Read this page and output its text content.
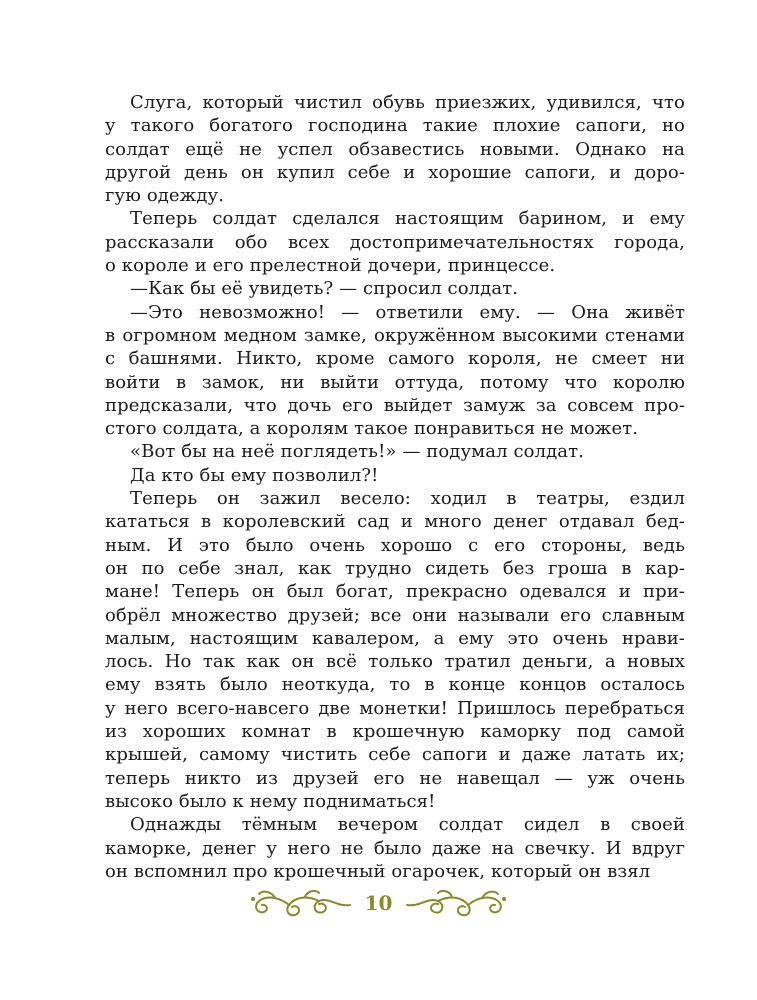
Слуга, который чистил обувь приезжих, удивился, что
у такого богатого господина такие плохие сапоги, но
солдат ещё не успел обзавестись новыми. Однако на
другой день он купил себе и хорошие сапоги, и доро-
гую одежду.
Теперь солдат сделался настоящим барином, и ему
рассказали обо всех достопримечательностях города,
о короле и его прелестной дочери, принцессе.
—Как бы её увидеть? — спросил солдат.
—Это невозможно! — ответили ему. — Она живёт
в огромном медном замке, окружённом высокими стенами
с башнями. Никто, кроме самого короля, не смеет ни
войти в замок, ни выйти оттуда, потому что королю
предсказали, что дочь его выйдет замуж за совсем про-
стого солдата, а королям такое понравиться не может.
«Вот бы на неё поглядеть!» — подумал солдат.
Да кто бы ему позволил?!
Теперь он зажил весело: ходил в театры, ездил
кататься в королевский сад и много денег отдавал бед-
ным. И это было очень хорошо с его стороны, ведь
он по себе знал, как трудно сидеть без гроша в кар-
мане! Теперь он был богат, прекрасно одевался и при-
обрёл множество друзей; все они называли его славным
малым, настоящим кавалером, а ему это очень нрави-
лось. Но так как он всё только тратил деньги, а новых
ему взять было неоткуда, то в конце концов осталось
у него всего-навсего две монетки! Пришлось перебраться
из хороших комнат в крошечную каморку под самой
крышей, самому чистить себе сапоги и даже латать их;
теперь никто из друзей его не навещал — уж очень
высоко было к нему подниматься!
Однажды тёмным вечером солдат сидел в своей
каморке, денег у него не было даже на свечку. И вдруг
он вспомнил про крошечный огарочек, который он взял
10
